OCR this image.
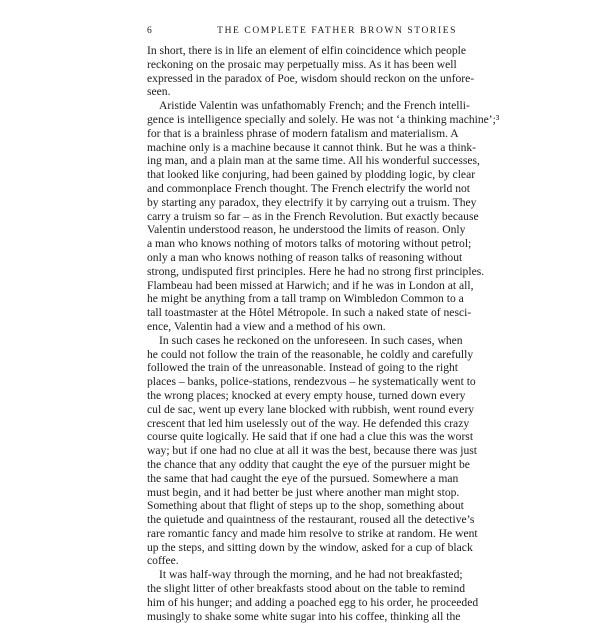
6	THE COMPLETE FATHER BROWN STORIES
In short, there is in life an element of elfin coincidence which people
reckoning on the prosaic may perpetually miss. As it has been well
expressed in the paradox of Poe, wisdom should reckon on the unfore-
seen.
Aristide Valentin was unfathomably French; and the French intelli-
gence is intelligence specially and solely. He was not ‘a thinking machine’;³
for that is a brainless phrase of modern fatalism and materialism. A
machine only is a machine because it cannot think. But he was a think-
ing man, and a plain man at the same time. All his wonderful successes,
that looked like conjuring, had been gained by plodding logic, by clear
and commonplace French thought. The French electrify the world not
by starting any paradox, they electrify it by carrying out a truism. They
carry a truism so far – as in the French Revolution. But exactly because
Valentin understood reason, he understood the limits of reason. Only
a man who knows nothing of motors talks of motoring without petrol;
only a man who knows nothing of reason talks of reasoning without
strong, undisputed first principles. Here he had no strong first principles.
Flambeau had been missed at Harwich; and if he was in London at all,
he might be anything from a tall tramp on Wimbledon Common to a
tall toastmaster at the Hôtel Métropole. In such a naked state of nesci-
ence, Valentin had a view and a method of his own.
In such cases he reckoned on the unforeseen. In such cases, when
he could not follow the train of the reasonable, he coldly and carefully
followed the train of the unreasonable. Instead of going to the right
places – banks, police-stations, rendezvous – he systematically went to
the wrong places; knocked at every empty house, turned down every
cul de sac, went up every lane blocked with rubbish, went round every
crescent that led him uselessly out of the way. He defended this crazy
course quite logically. He said that if one had a clue this was the worst
way; but if one had no clue at all it was the best, because there was just
the chance that any oddity that caught the eye of the pursuer might be
the same that had caught the eye of the pursued. Somewhere a man
must begin, and it had better be just where another man might stop.
Something about that flight of steps up to the shop, something about
the quietude and quaintness of the restaurant, roused all the detective’s
rare romantic fancy and made him resolve to strike at random. He went
up the steps, and sitting down by the window, asked for a cup of black
coffee.
It was half-way through the morning, and he had not breakfasted;
the slight litter of other breakfasts stood about on the table to remind
him of his hunger; and adding a poached egg to his order, he proceeded
musingly to shake some white sugar into his coffee, thinking all the
